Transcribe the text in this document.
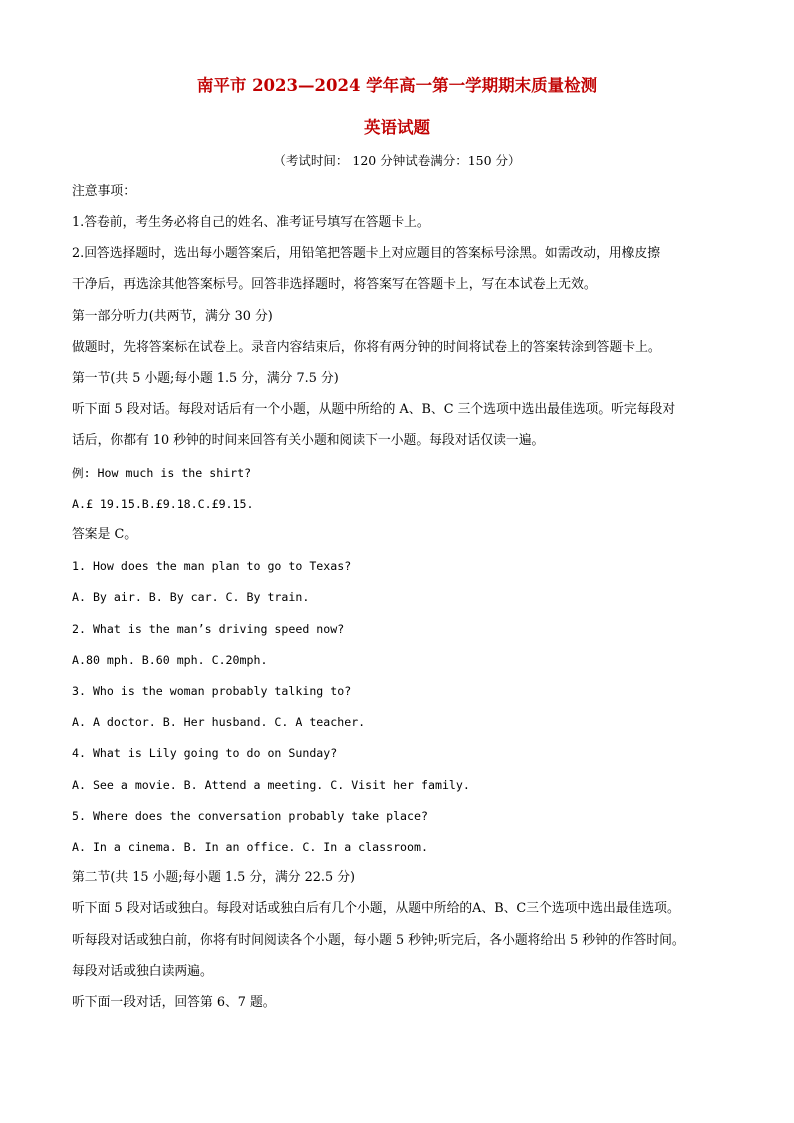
南平市 2023—2024 学年高一第一学期期末质量检测
英语试题
（考试时间： 120 分钟试卷满分：150 分）

注意事项：

1.答卷前，考生务必将自己的姓名、准考证号填写在答题卡上。

2.回答选择题时，选出每小题答案后，用铅笔把答题卡上对应题目的答案标号涂黑。如需改动，用橡皮擦

干净后，再选涂其他答案标号。回答非选择题时，将答案写在答题卡上，写在本试卷上无效。

第一部分听力(共两节，满分 30 分)

做题时，先将答案标在试卷上。录音内容结束后，你将有两分钟的时间将试卷上的答案转涂到答题卡上。

第一节(共 5 小题;每小题 1.5 分，满分 7.5 分)

听下面 5 段对话。每段对话后有一个小题，从题中所给的 A、B、C 三个选项中选出最佳选项。听完每段对

话后，你都有 10 秒钟的时间来回答有关小题和阅读下一小题。每段对话仅读一遍。

例: How much is the shirt?

A.£ 19.15.B.£9.18.C.£9.15.

答案是 C。

1. How does the man plan to go to Texas?

A. By air. B. By car. C. By train.

2. What is the man’s driving speed now?

A.80 mph. B.60 mph. C.20mph.

3. Who is the woman probably talking to?

A. A doctor. B. Her husband. C. A teacher.

4. What is Lily going to do on Sunday?

A. See a movie. B. Attend a meeting. C. Visit her family.

5. Where does the conversation probably take place?

A. In a cinema. B. In an office. C. In a classroom.

第二节(共 15 小题;每小题 1.5 分，满分 22.5 分)

听下面 5 段对话或独白。每段对话或独白后有几个小题，从题中所给的A、B、C三个选项中选出最佳选项。

听每段对话或独白前，你将有时间阅读各个小题，每小题 5 秒钟;听完后，各小题将给出 5 秒钟的作答时间。

每段对话或独白读两遍。

听下面一段对话，回答第 6、7 题。
